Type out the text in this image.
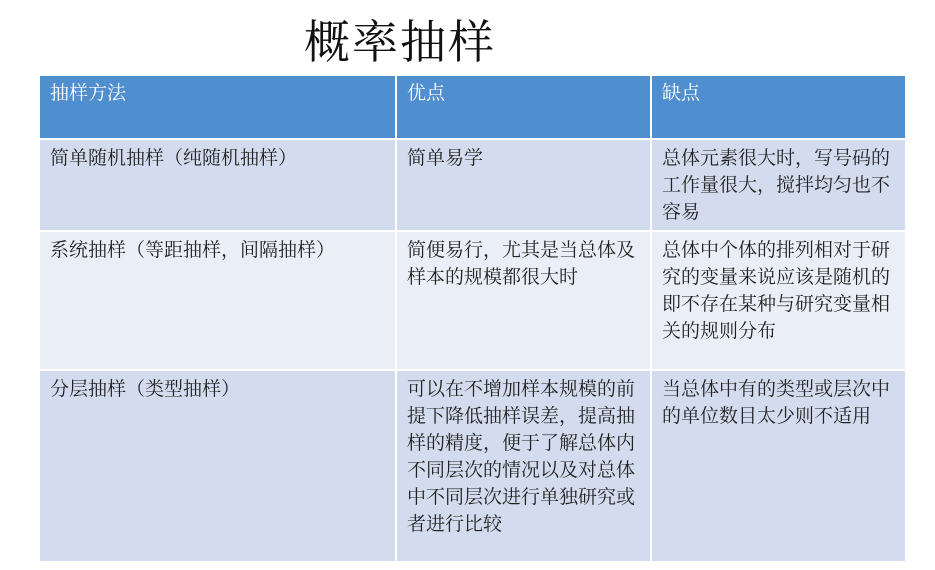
概率抽样
抽样方法	优点	缺点
简单随机抽样（纯随机抽样）	简单易学	总体元素很大时，写号码的工作量很大，搅拌均匀也不容易
系统抽样（等距抽样，间隔抽样）	简便易行，尤其是当总体及样本的规模都很大时	总体中个体的排列相对于研究的变量来说应该是随机的即不存在某种与研究变量相关的规则分布
分层抽样（类型抽样）	可以在不增加样本规模的前提下降低抽样误差，提高抽样的精度，便于了解总体内不同层次的情况以及对总体中不同层次进行单独研究或者进行比较	当总体中有的类型或层次中的单位数目太少则不适用
